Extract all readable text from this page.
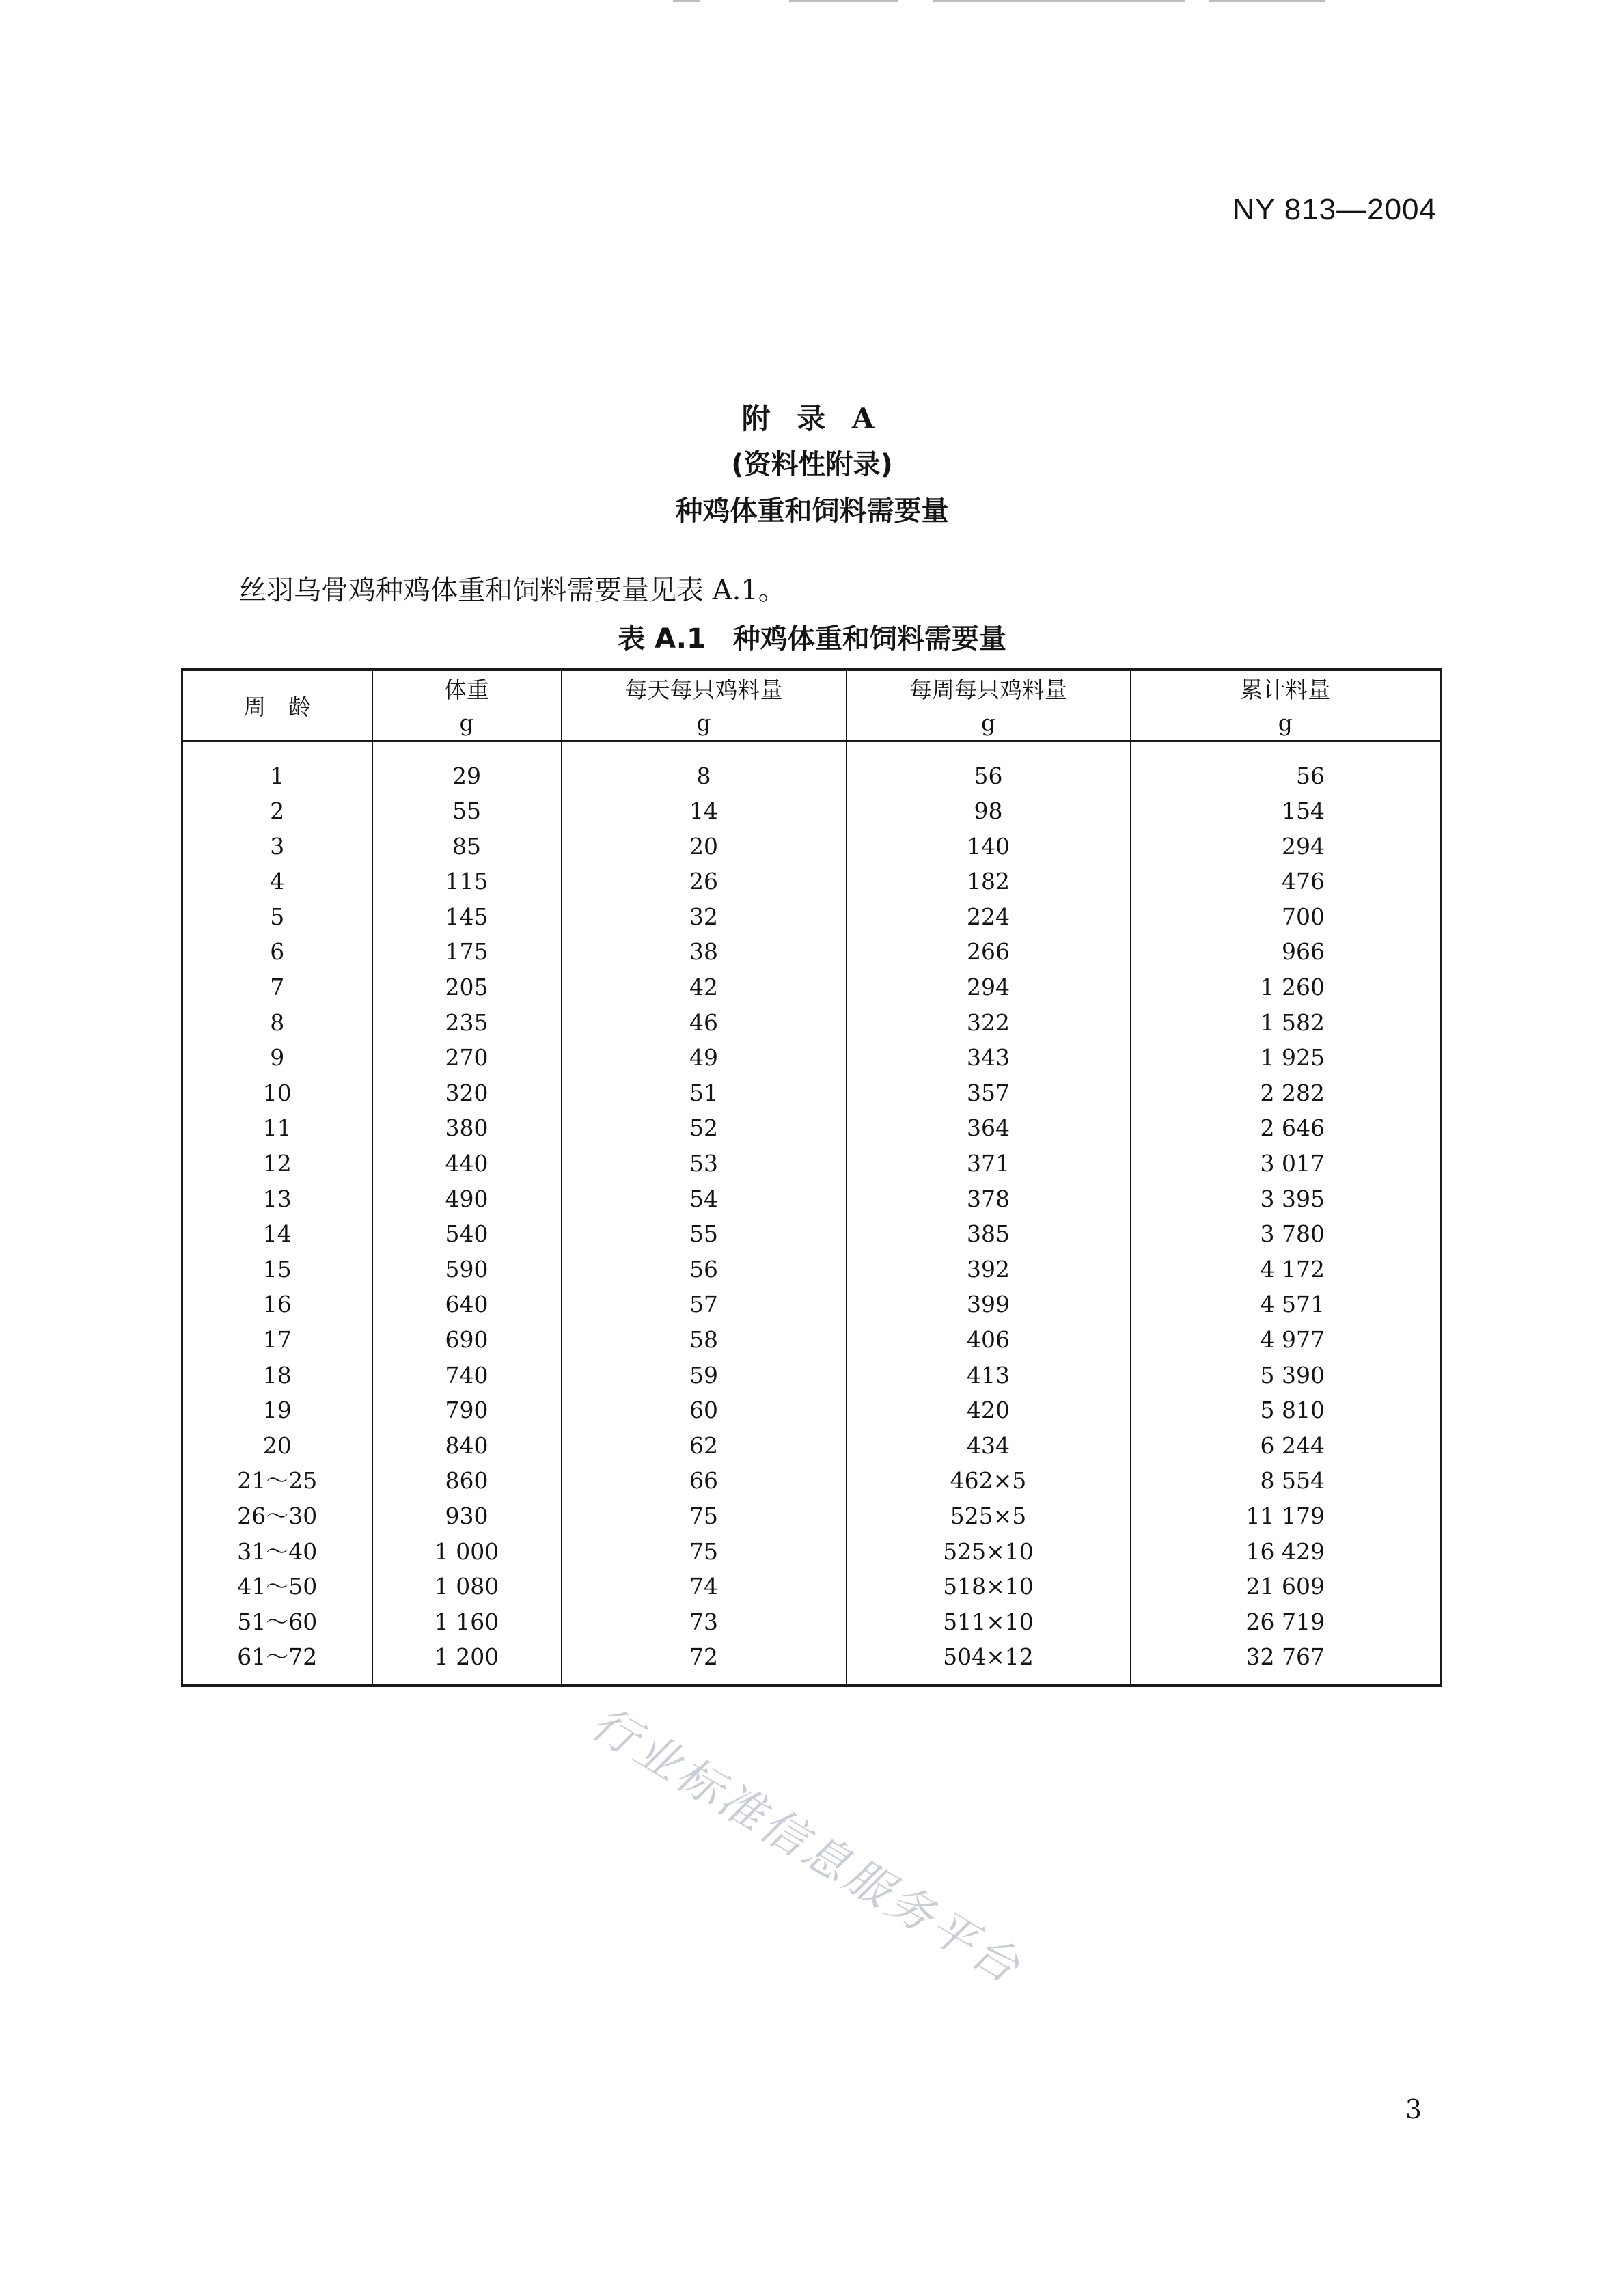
NY 813—2004
附 录 A
(资料性附录)
种鸡体重和饲料需要量
丝羽乌骨鸡种鸡体重和饲料需要量见表 A.1。
表 A.1　种鸡体重和饲料需要量
周　龄	体重	每天每只鸡料量	每周每只鸡料量	累计料量
	g	g	g	g
1	29	8	56	56
2	55	14	98	154
3	85	20	140	294
4	115	26	182	476
5	145	32	224	700
6	175	38	266	966
7	205	42	294	1 260
8	235	46	322	1 582
9	270	49	343	1 925
10	320	51	357	2 282
11	380	52	364	2 646
12	440	53	371	3 017
13	490	54	378	3 395
14	540	55	385	3 780
15	590	56	392	4 172
16	640	57	399	4 571
17	690	58	406	4 977
18	740	59	413	5 390
19	790	60	420	5 810
20	840	62	434	6 244
21～25	860	66	462×5	8 554
26～30	930	75	525×5	11 179
31～40	1 000	75	525×10	16 429
41～50	1 080	74	518×10	21 609
51～60	1 160	73	511×10	26 719
61～72	1 200	72	504×12	32 767
行业标准信息服务平台
3
